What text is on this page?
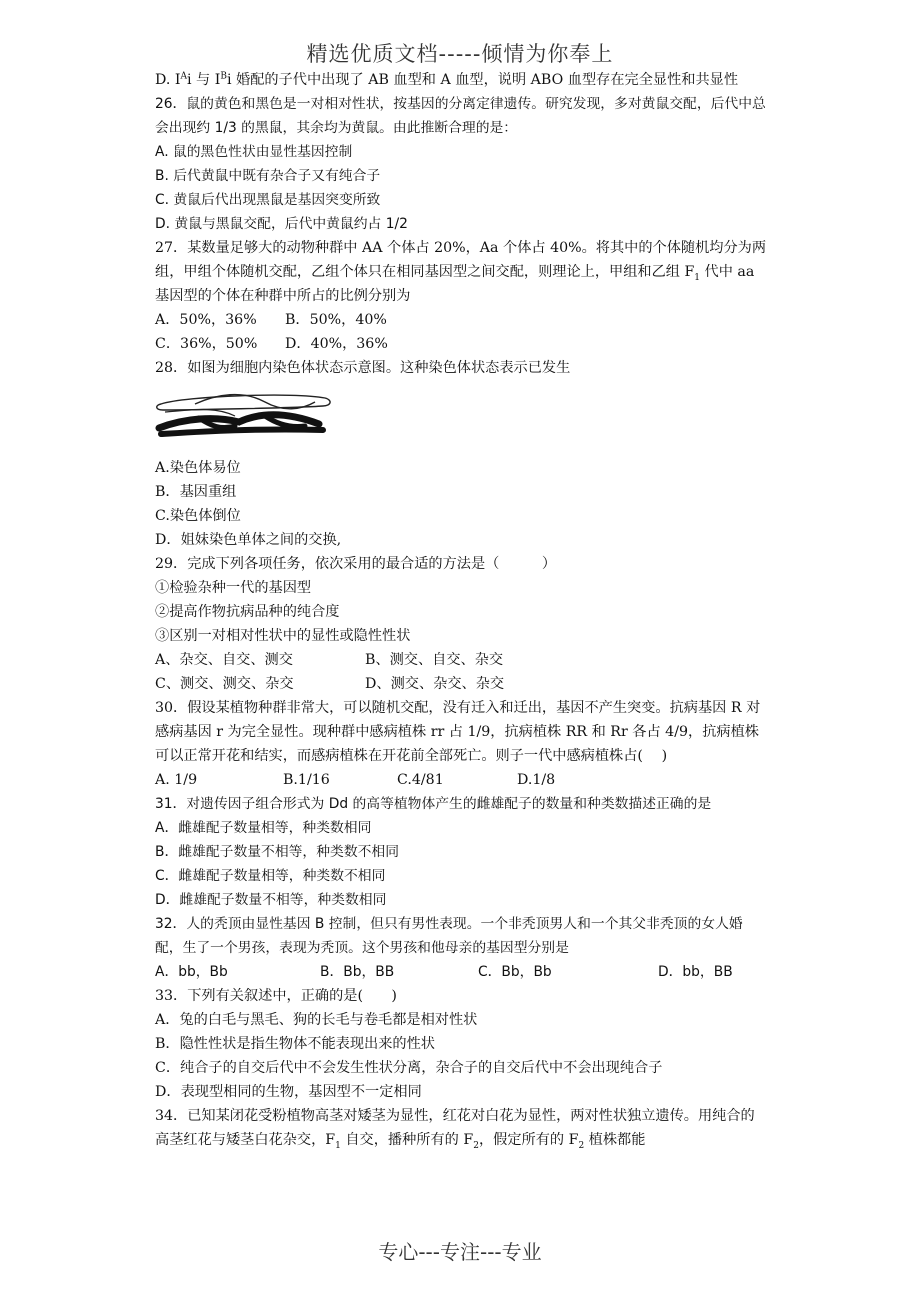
精选优质文档-----倾情为你奉上

D. $I^Ai$ 与 $I^Bi$ 婚配的子代中出现了 AB 血型和 A 血型，说明 ABO 血型存在完全显性和共显性

26．鼠的黄色和黑色是一对相对性状，按基因的分离定律遗传。研究发现，多对黄鼠交配，后代中总会出现约 1/3 的黑鼠，其余均为黄鼠。由此推断合理的是：

A. 鼠的黑色性状由显性基因控制

B. 后代黄鼠中既有杂合子又有纯合子

C. 黄鼠后代出现黑鼠是基因突变所致

D. 黄鼠与黑鼠交配，后代中黄鼠约占 1/2

27．某数量足够大的动物种群中 AA 个体占 20%，Aa 个体占 40%。将其中的个体随机均分为两组，甲组个体随机交配，乙组个体只在相同基因型之间交配，则理论上，甲组和乙组 $F_1$ 代中 aa 基因型的个体在种群中所占的比例分别为

A．50%，36%	B．50%，40%
C．36%，50%	D．40%，36%

28．如图为细胞内染色体状态示意图。这种染色体状态表示已发生

A.染色体易位

B．基因重组

C.染色体倒位

D．姐妹染色单体之间的交换,

29．完成下列各项任务，依次采用的最合适的方法是（　　　）

①检验杂种一代的基因型

②提高作物抗病品种的纯合度

③区别一对相对性状中的显性或隐性性状

A、杂交、自交、测交	B、测交、自交、杂交
C、测交、测交、杂交	D、测交、杂交、杂交

30．假设某植物种群非常大，可以随机交配，没有迁入和迁出，基因不产生突变。抗病基因 R 对感病基因 r 为完全显性。现种群中感病植株 rr 占 1/9，抗病植株 RR 和 Rr 各占 4/9，抗病植株可以正常开花和结实，而感病植株在开花前全部死亡。则子一代中感病植株占(　 )

A. 1/9	B.1/16	C.4/81	D.1/8

31．对遗传因子组合形式为 Dd 的高等植物体产生的雌雄配子的数量和种类数描述正确的是

A．雌雄配子数量相等，种类数相同

B．雌雄配子数量不相等，种类数不相同

C．雌雄配子数量相等，种类数不相同

D．雌雄配子数量不相等，种类数相同

32．人的秃顶由显性基因 B 控制，但只有男性表现。一个非秃顶男人和一个其父非秃顶的女人婚配，生了一个男孩，表现为秃顶。这个男孩和他母亲的基因型分别是

A．bb，Bb	B．Bb，BB	C．Bb，Bb	D．bb，BB

33．下列有关叙述中，正确的是(　　)

A．兔的白毛与黑毛、狗的长毛与卷毛都是相对性状

B．隐性性状是指生物体不能表现出来的性状

C．纯合子的自交后代中不会发生性状分离，杂合子的自交后代中不会出现纯合子

D．表现型相同的生物，基因型不一定相同

34．已知某闭花受粉植物高茎对矮茎为显性，红花对白花为显性，两对性状独立遗传。用纯合的高茎红花与矮茎白花杂交，$F_1$ 自交，播种所有的 $F_2$，假定所有的 $F_2$ 植株都能

专心---专注---专业
